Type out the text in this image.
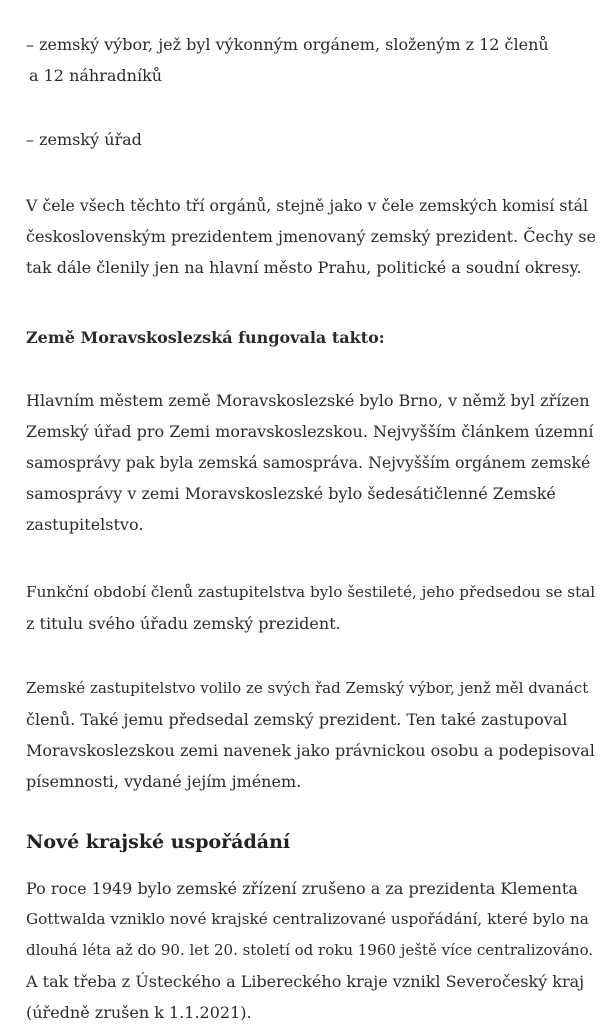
– zemský výbor, jež byl výkonným orgánem, složeným z 12 členů
a 12 náhradníků

– zemský úřad

V čele všech těchto tří orgánů, stejně jako v čele zemských komisí stál
československým prezidentem jmenovaný zemský prezident. Čechy se
tak dále členily jen na hlavní město Prahu, politické a soudní okresy.

Země Moravskoslezská fungovala takto:

Hlavním městem země Moravskoslezské bylo Brno, v němž byl zřízen
Zemský úřad pro Zemi moravskoslezskou. Nejvyšším článkem územní
samosprávy pak byla zemská samospráva. Nejvyšším orgánem zemské
samosprávy v zemi Moravskoslezské bylo šedesátičlenné Zemské
zastupitelstvo.

Funkční období členů zastupitelstva bylo šestileté, jeho předsedou se stal
z titulu svého úřadu zemský prezident.

Zemské zastupitelstvo volilo ze svých řad Zemský výbor, jenž měl dvanáct
členů. Také jemu předsedal zemský prezident. Ten také zastupoval
Moravskoslezskou zemi navenek jako právnickou osobu a podepisoval
písemnosti, vydané jejím jménem.

Nové krajské uspořádání

Po roce 1949 bylo zemské zřízení zrušeno a za prezidenta Klementa
Gottwalda vzniklo nové krajské centralizované uspořádání, které bylo na
dlouhá léta až do 90. let 20. století od roku 1960 ještě více centralizováno.
A tak třeba z Ústeckého a Libereckého kraje vznikl Severočeský kraj
(úředně zrušen k 1.1.2021).
